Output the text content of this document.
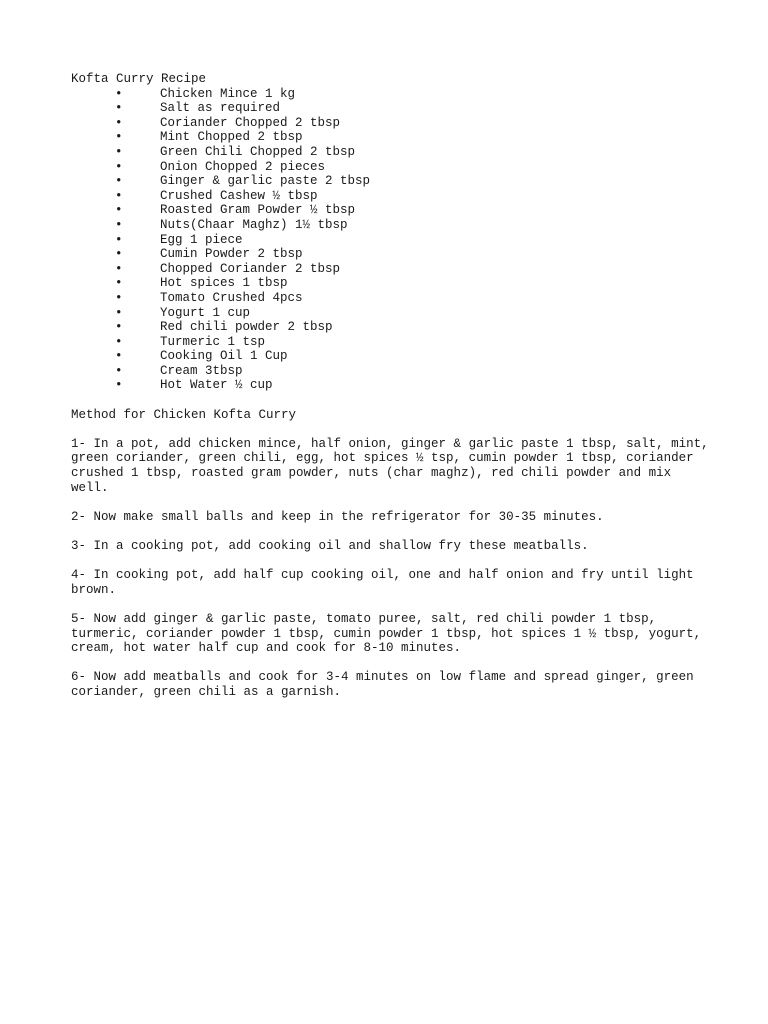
Kofta Curry Recipe

•	Chicken Mince 1 kg
•	Salt as required
•	Coriander Chopped 2 tbsp
•	Mint Chopped 2 tbsp
•	Green Chili Chopped 2 tbsp
•	Onion Chopped 2 pieces
•	Ginger & garlic paste 2 tbsp
•	Crushed Cashew ½ tbsp
•	Roasted Gram Powder ½ tbsp
•	Nuts(Chaar Maghz) 1½ tbsp
•	Egg 1 piece
•	Cumin Powder 2 tbsp
•	Chopped Coriander 2 tbsp
•	Hot spices 1 tbsp
•	Tomato Crushed 4pcs
•	Yogurt 1 cup
•	Red chili powder 2 tbsp
•	Turmeric 1 tsp
•	Cooking Oil 1 Cup
•	Cream 3tbsp
•	Hot Water ½ cup

Method for Chicken Kofta Curry

1- In a pot, add chicken mince, half onion, ginger & garlic paste 1 tbsp, salt, mint, green coriander, green chili, egg, hot spices ½ tsp, cumin powder 1 tbsp, coriander crushed 1 tbsp, roasted gram powder, nuts (char maghz), red chili powder and mix well.

2- Now make small balls and keep in the refrigerator for 30-35 minutes.

3- In a cooking pot, add cooking oil and shallow fry these meatballs.

4- In cooking pot, add half cup cooking oil, one and half onion and fry until light brown.

5- Now add ginger & garlic paste, tomato puree, salt, red chili powder 1 tbsp, turmeric, coriander powder 1 tbsp, cumin powder 1 tbsp, hot spices 1 ½ tbsp, yogurt, cream, hot water half cup and cook for 8-10 minutes.

6- Now add meatballs and cook for 3-4 minutes on low flame and spread ginger, green coriander, green chili as a garnish.
